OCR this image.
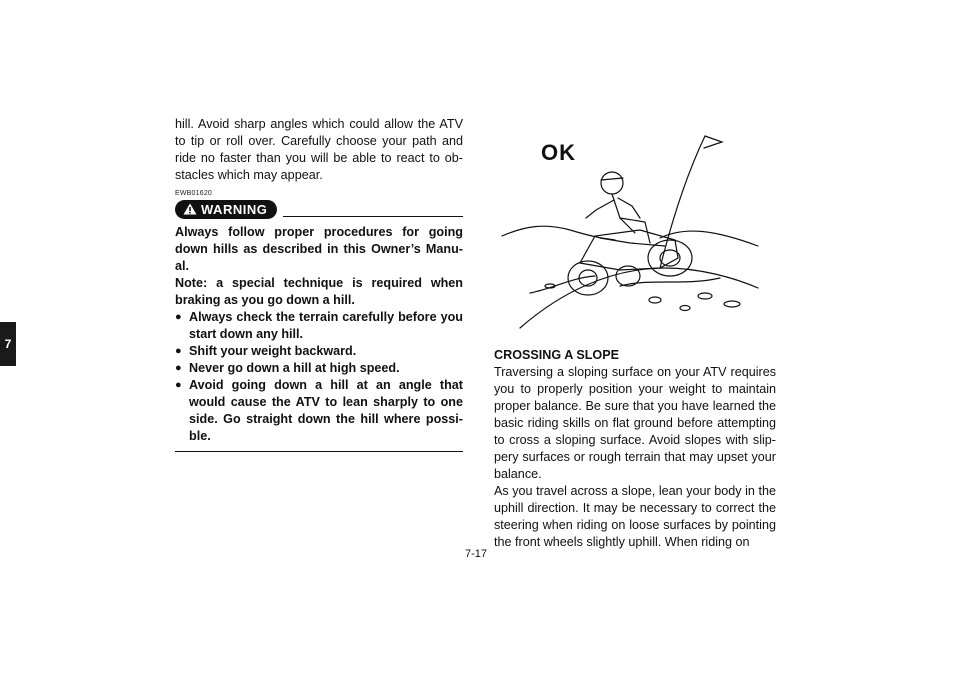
7

hill. Avoid sharp angles which could allow the ATV to tip or roll over. Carefully choose your path and ride no faster than you will be able to react to ob-stacles which may appear.

EWB01620
WARNING

Always follow proper procedures for going down hills as described in this Owner’s Manu-al.

Note: a special technique is required when braking as you go down a hill.

● Always check the terrain carefully before you start down any hill.
● Shift your weight backward.
● Never go down a hill at high speed.
● Avoid going down a hill at an angle that would cause the ATV to lean sharply to one side. Go straight down the hill where possi-ble.
OK
CROSSING A SLOPE

Traversing a sloping surface on your ATV requires you to properly position your weight to maintain proper balance. Be sure that you have learned the basic riding skills on flat ground before attempting to cross a sloping surface. Avoid slopes with slip-pery surfaces or rough terrain that may upset your balance.

As you travel across a slope, lean your body in the uphill direction. It may be necessary to correct the steering when riding on loose surfaces by pointing the front wheels slightly uphill. When riding on

7-17
